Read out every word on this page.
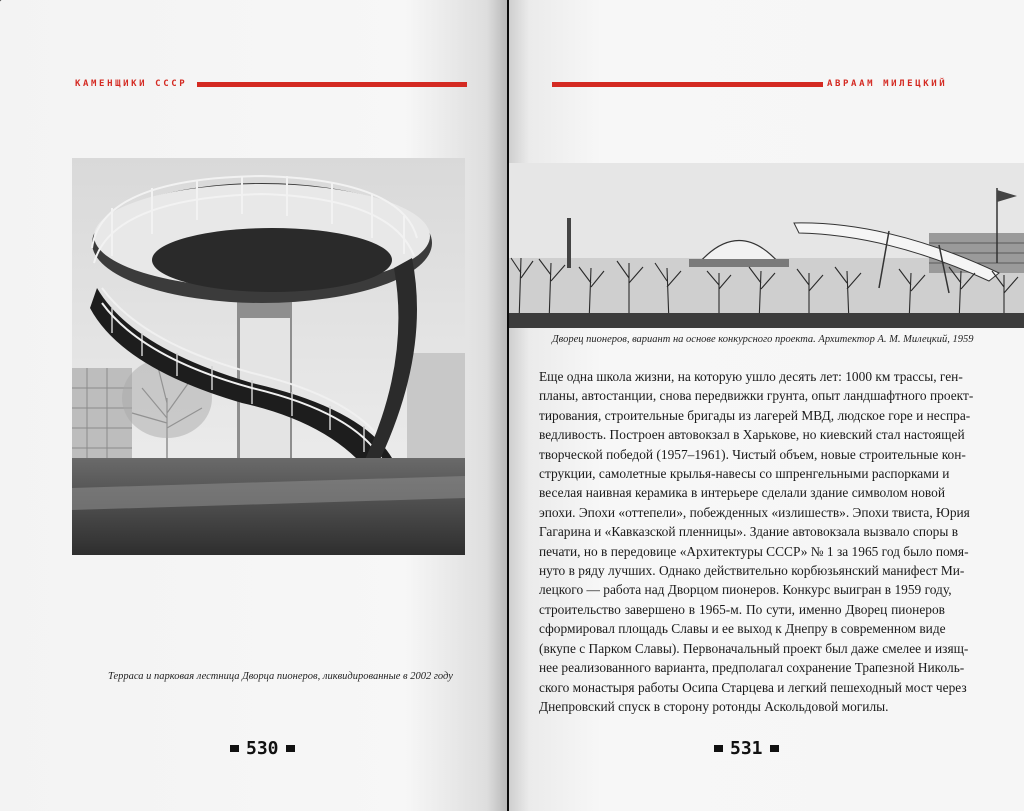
КАМЕНЩИКИ СССР
Терраса и парковая лестница Дворца пионеров, ликвидированные в 2002 году
530
АВРААМ МИЛЕЦКИЙ
Дворец пионеров, вариант на основе конкурсного проекта. Архитектор А. М. Милецкий, 1959
531
Еще одна школа жизни, на которую ушло десять лет: 1000 км трассы, ген-
планы, автостанции, снова передвижки грунта, опыт ландшафтного проект-
тирования, строительные бригады из лагерей МВД, людское горе и неспра-
ведливость. Построен автовокзал в Харькове, но киевский стал настоящей
творческой победой (1957–1961). Чистый объем, новые строительные кон-
струкции, самолетные крылья-навесы со шпренгельными распорками и
веселая наивная керамика в интерьере сделали здание символом новой
эпохи. Эпохи «оттепели», побежденных «излишеств». Эпохи твиста, Юрия
Гагарина и «Кавказской пленницы». Здание автовокзала вызвало споры в
печати, но в передовице «Архитектуры СССР» № 1 за 1965 год было помя-
нуто в ряду лучших. Однако действительно корбюзьянский манифест Ми-
лецкого — работа над Дворцом пионеров. Конкурс выигран в 1959 году,
строительство завершено в 1965-м. По сути, именно Дворец пионеров
сформировал площадь Славы и ее выход к Днепру в современном виде
(вкупе с Парком Славы). Первоначальный проект был даже смелее и изящ-
нее реализованного варианта, предполагал сохранение Трапезной Николь-
ского монастыря работы Осипа Старцева и легкий пешеходный мост через
Днепровский спуск в сторону ротонды Аскольдовой могилы.
